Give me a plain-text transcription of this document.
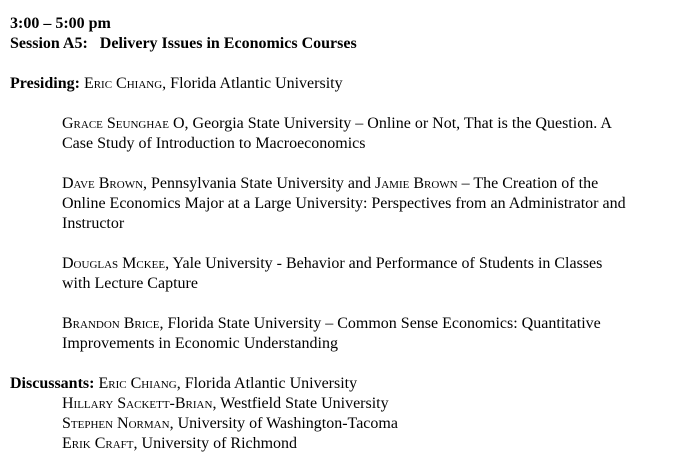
3:00 – 5:00 pm
Session A5: Delivery Issues in Economics Courses
Presiding: Eric Chiang, Florida Atlantic University
Grace Seunghae O, Georgia State University – Online or Not, That is the Question. A
Case Study of Introduction to Macroeconomics
Dave Brown, Pennsylvania State University and Jamie Brown – The Creation of the
Online Economics Major at a Large University: Perspectives from an Administrator and
Instructor
Douglas Mckee, Yale University - Behavior and Performance of Students in Classes
with Lecture Capture
Brandon Brice, Florida State University – Common Sense Economics: Quantitative
Improvements in Economic Understanding
Discussants: Eric Chiang, Florida Atlantic University
Hillary Sackett-Brian, Westfield State University
Stephen Norman, University of Washington-Tacoma
Erik Craft, University of Richmond
